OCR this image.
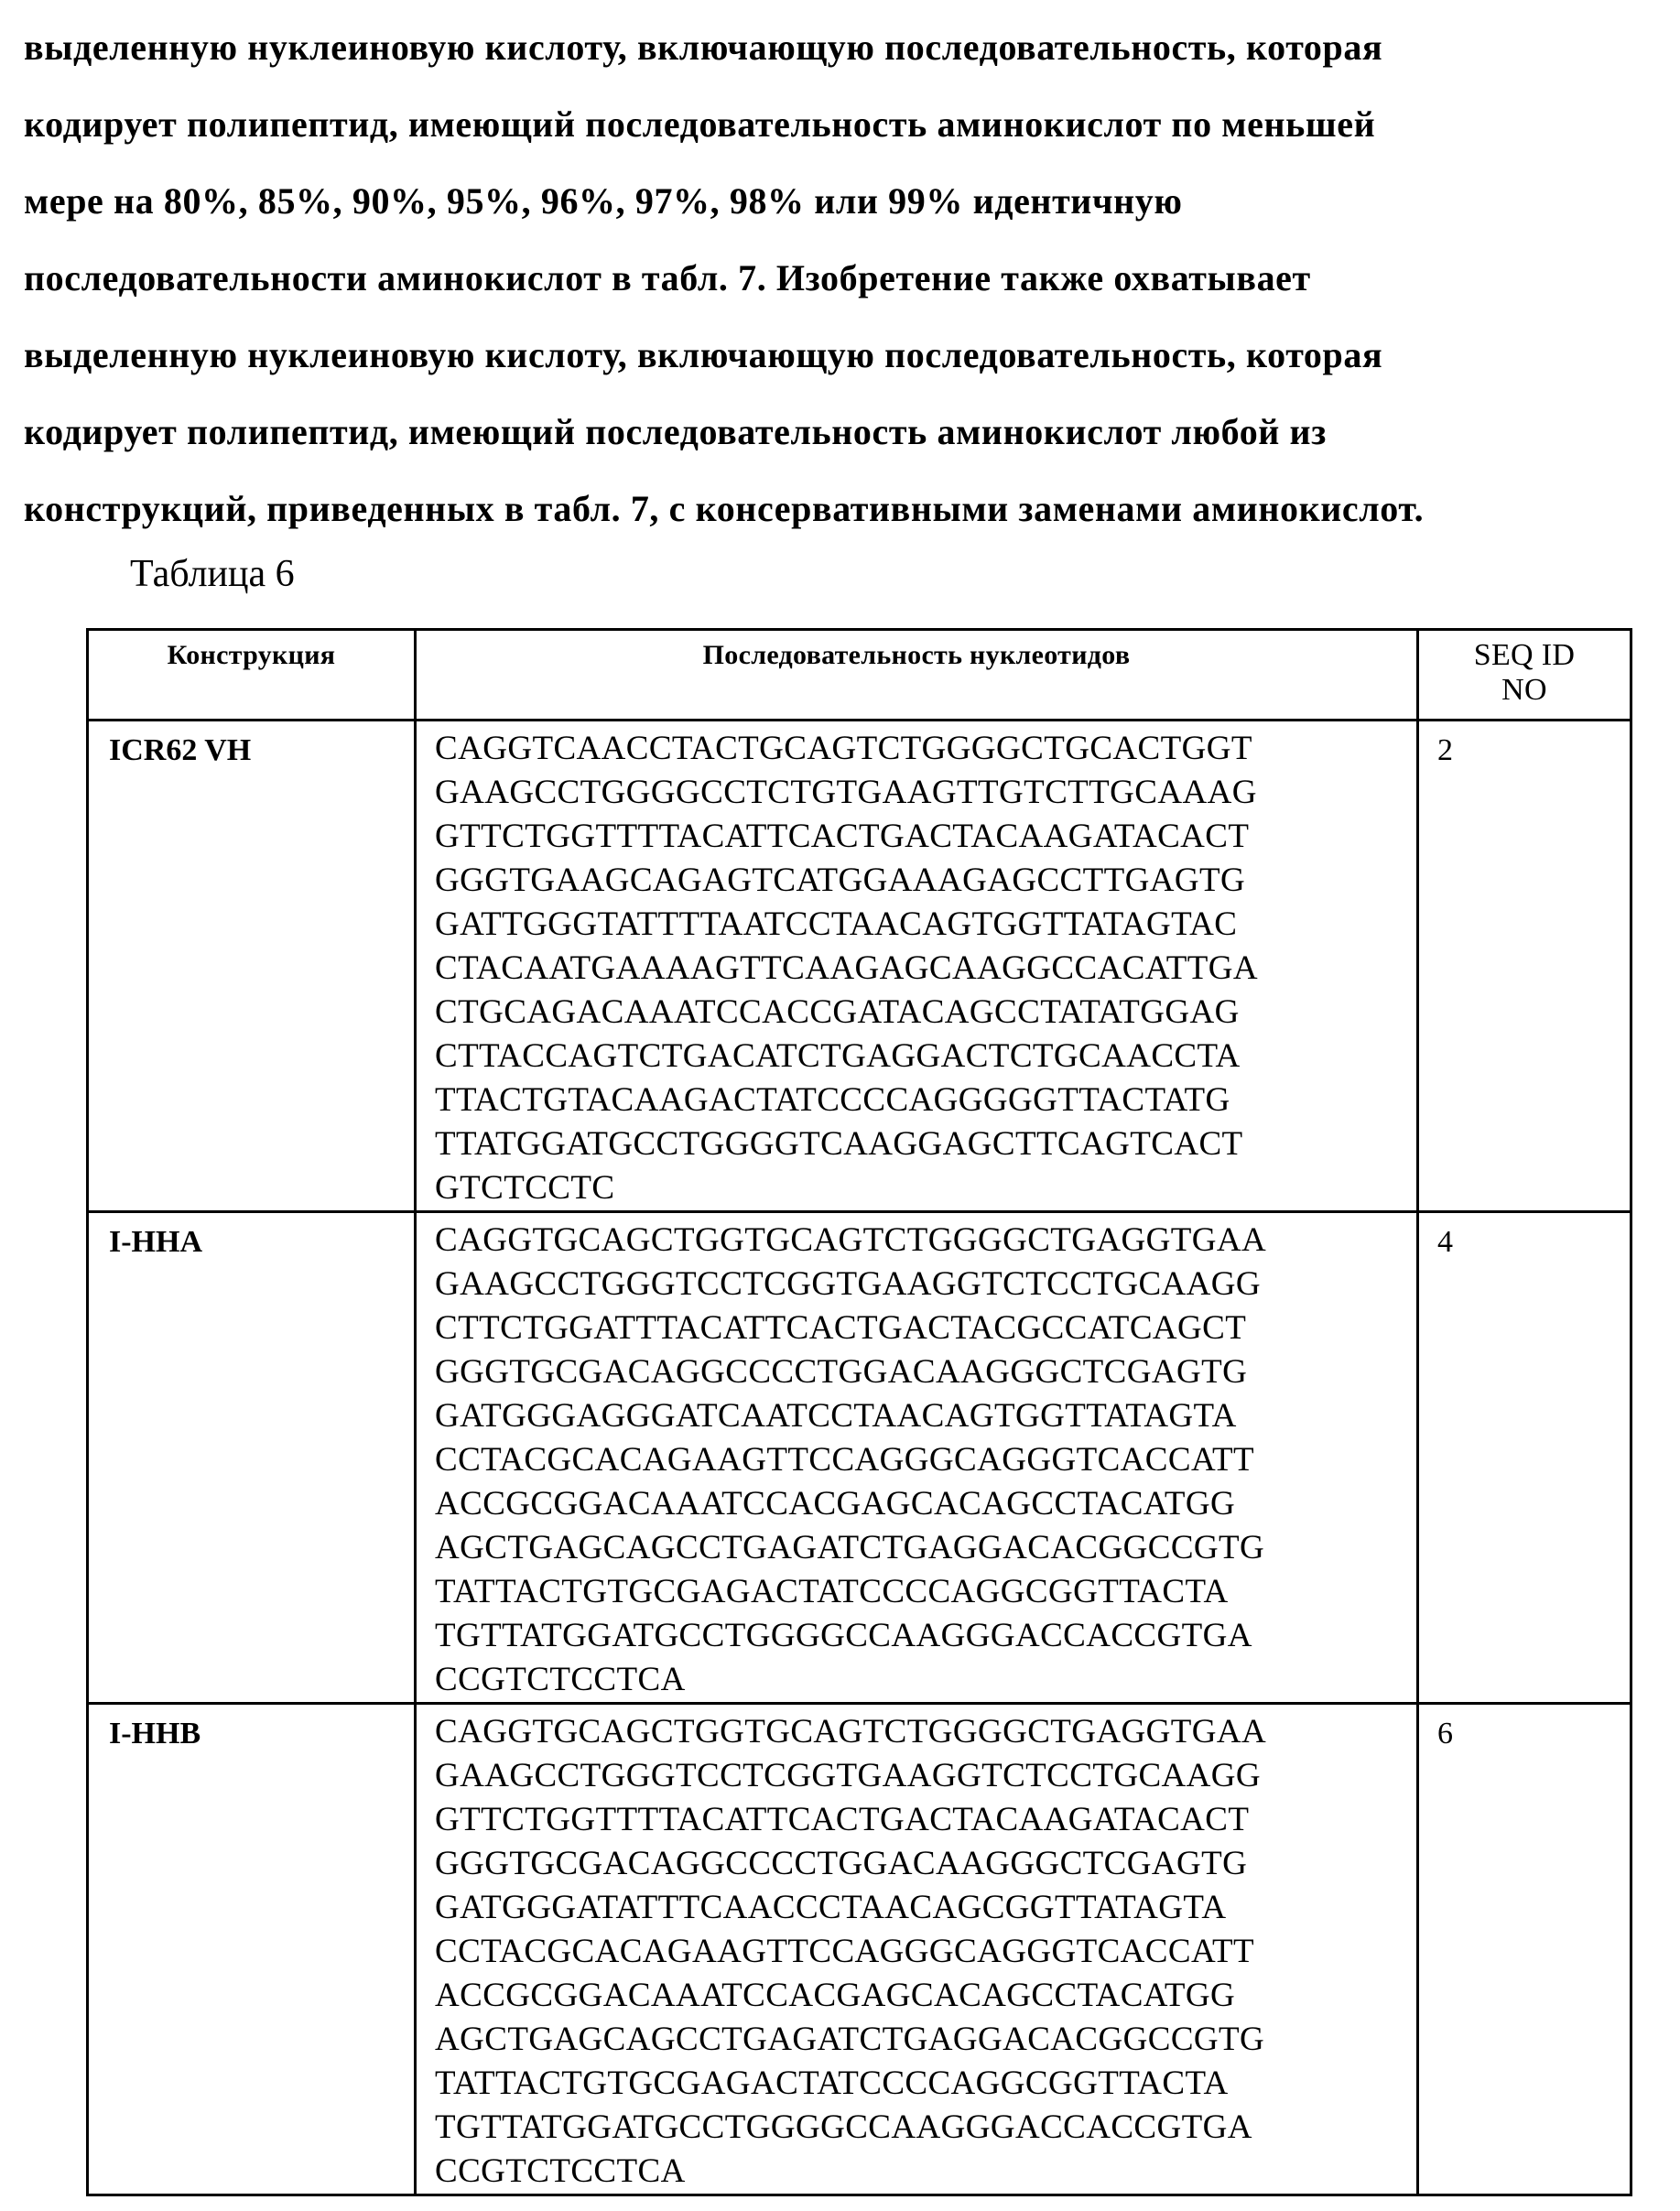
выделенную нуклеиновую кислоту, включающую последовательность, которая
кодирует полипептид, имеющий последовательность аминокислот по меньшей
мере на 80%, 85%, 90%, 95%, 96%, 97%, 98% или 99% идентичную
последовательности аминокислот в табл. 7. Изобретение также охватывает
выделенную нуклеиновую кислоту, включающую последовательность, которая
кодирует полипептид, имеющий последовательность аминокислот любой из
конструкций, приведенных в табл. 7, с консервативными заменами аминокислот.
Таблица 6
Конструкция	Последовательность нуклеотидов	SEQ ID
NO
ICR62 VH	CAGGTCAACCTACTGCAGTCTGGGGCTGCACTGGT
GAAGCCTGGGGCCTCTGTGAAGTTGTCTTGCAAAG
GTTCTGGTTTTACATTCACTGACTACAAGATACACT
GGGTGAAGCAGAGTCATGGAAAGAGCCTTGAGTG
GATTGGGTATTTTAATCCTAACAGTGGTTATAGTAC
CTACAATGAAAAGTTCAAGAGCAAGGCCACATTGA
CTGCAGACAAATCCACCGATACAGCCTATATGGAG
CTTACCAGTCTGACATCTGAGGACTCTGCAACCTA
TTACTGTACAAGACTATCCCCAGGGGGTTACTATG
TTATGGATGCCTGGGGTCAAGGAGCTTCAGTCACT
GTCTCCTC
	2
I-HHA	CAGGTGCAGCTGGTGCAGTCTGGGGCTGAGGTGAA
GAAGCCTGGGTCCTCGGTGAAGGTCTCCTGCAAGG
CTTCTGGATTTACATTCACTGACTACGCCATCAGCT
GGGTGCGACAGGCCCCTGGACAAGGGCTCGAGTG
GATGGGAGGGATCAATCCTAACAGTGGTTATAGTA
CCTACGCACAGAAGTTCCAGGGCAGGGTCACCATT
ACCGCGGACAAATCCACGAGCACAGCCTACATGG
AGCTGAGCAGCCTGAGATCTGAGGACACGGCCGTG
TATTACTGTGCGAGACTATCCCCAGGCGGTTACTA
TGTTATGGATGCCTGGGGCCAAGGGACCACCGTGA
CCGTCTCCTCA
	4
I-HHB	CAGGTGCAGCTGGTGCAGTCTGGGGCTGAGGTGAA
GAAGCCTGGGTCCTCGGTGAAGGTCTCCTGCAAGG
GTTCTGGTTTTACATTCACTGACTACAAGATACACT
GGGTGCGACAGGCCCCTGGACAAGGGCTCGAGTG
GATGGGATATTTCAACCCTAACAGCGGTTATAGTA
CCTACGCACAGAAGTTCCAGGGCAGGGTCACCATT
ACCGCGGACAAATCCACGAGCACAGCCTACATGG
AGCTGAGCAGCCTGAGATCTGAGGACACGGCCGTG
TATTACTGTGCGAGACTATCCCCAGGCGGTTACTA
TGTTATGGATGCCTGGGGCCAAGGGACCACCGTGA
CCGTCTCCTCA
	6
